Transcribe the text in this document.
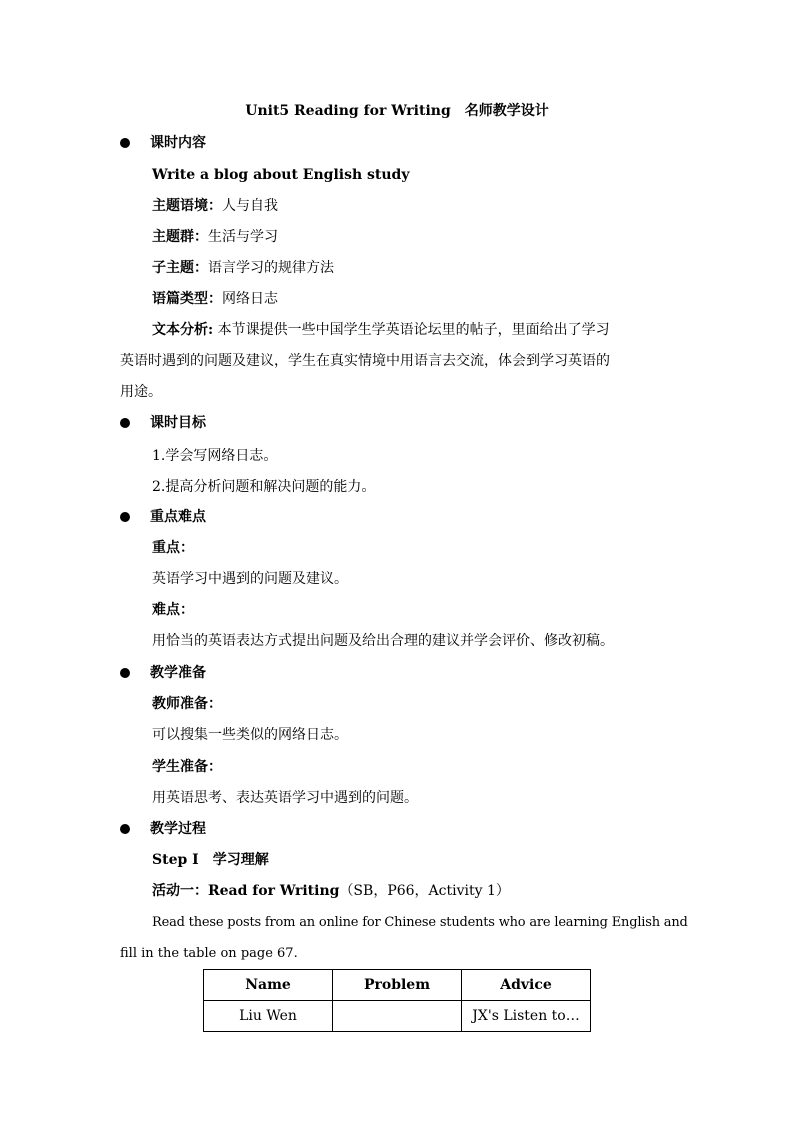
Unit5 Reading for Writing　名师教学设计
课时内容
Write a blog about English study
主题语境：人与自我
主题群：生活与学习
子主题：语言学习的规律方法
语篇类型：网络日志
文本分析: 本节课提供一些中国学生学英语论坛里的帖子，里面给出了学习
英语时遇到的问题及建议，学生在真实情境中用语言去交流，体会到学习英语的
用途。
课时目标
1.学会写网络日志。
2.提高分析问题和解决问题的能力。
重点难点
重点：
英语学习中遇到的问题及建议。
难点：
用恰当的英语表达方式提出问题及给出合理的建议并学会评价、修改初稿。
教学准备
教师准备：
可以搜集一些类似的网络日志。
学生准备：
用英语思考、表达英语学习中遇到的问题。
教学过程
Step Ⅰ　学习理解
活动一：Read for Writing（SB，P66，Activity 1）
Read these posts from an online for Chinese students who are learning English and
fill in the table on page 67.
Name	Problem	Advice
Liu Wen		JX's Listen to…
